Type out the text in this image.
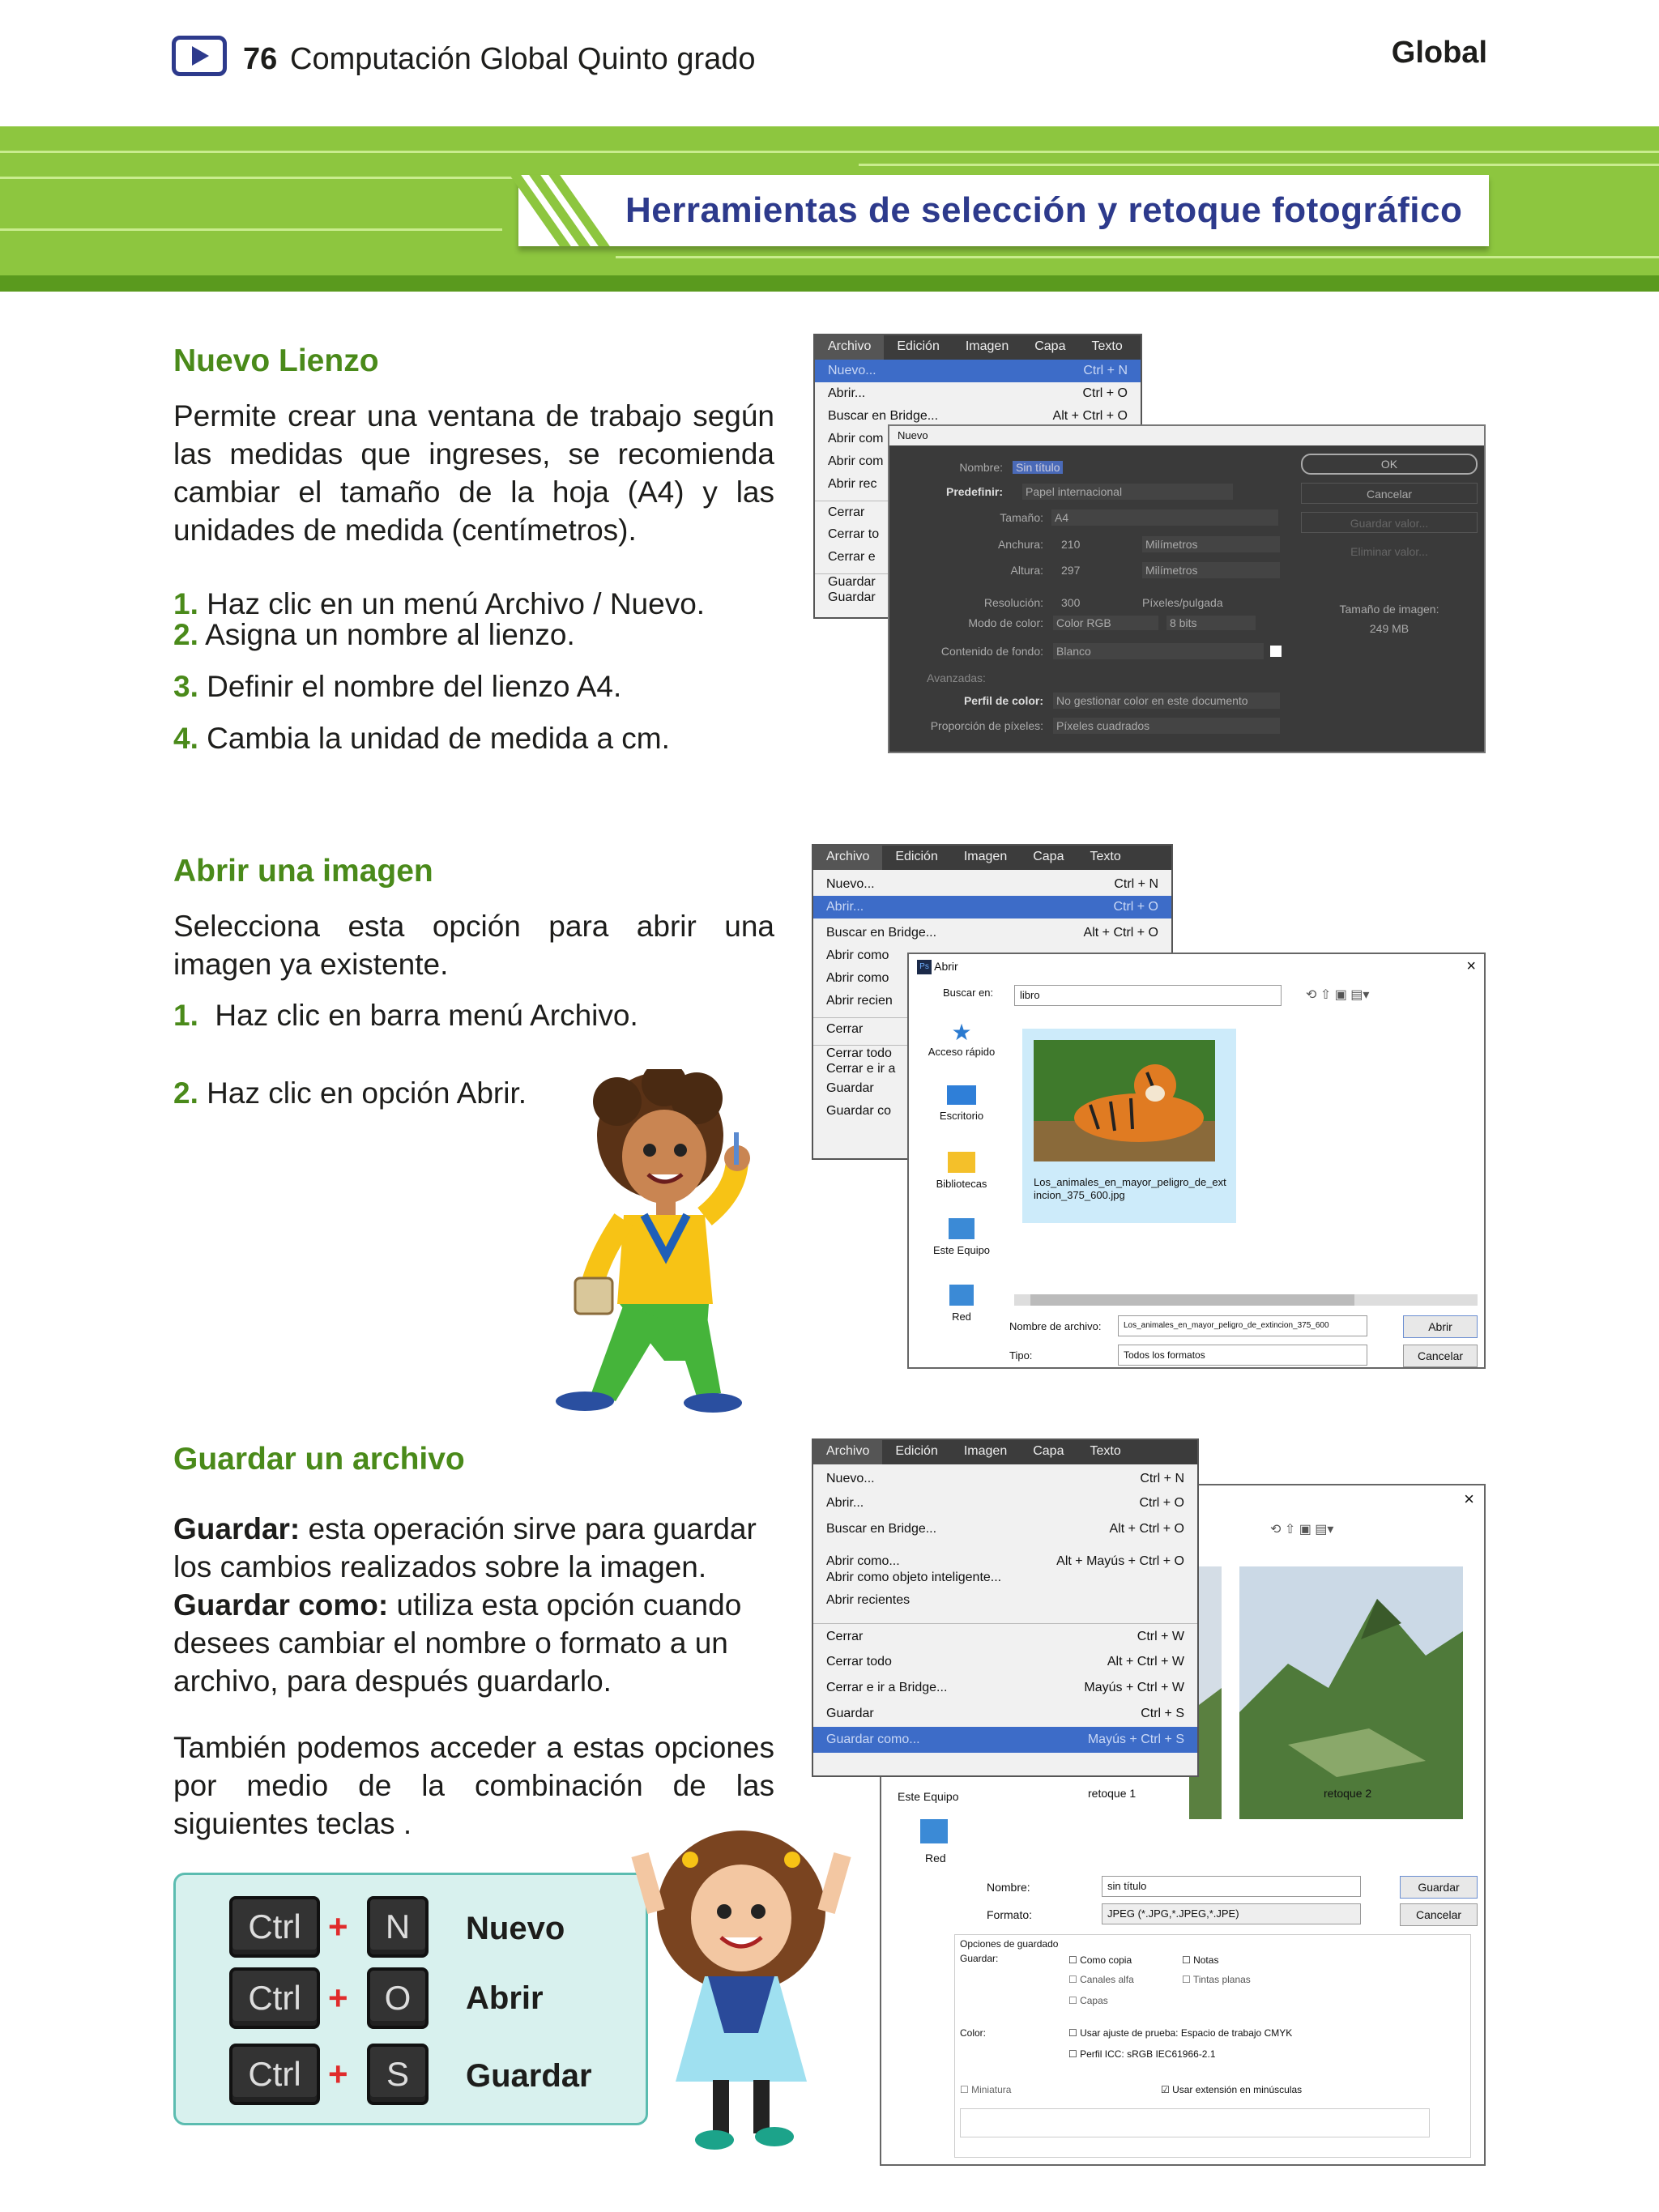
76 Computación Global Quinto grado	Global
Herramientas de selección y retoque fotográfico
Nuevo Lienzo
Permite crear una ventana de trabajo según las medidas que ingreses, se recomienda cambiar el tamaño de la hoja (A4) y las unidades de medida (centímetros).
1. Haz clic en un menú Archivo / Nuevo.
2. Asigna un nombre al lienzo.
3. Definir el nombre del lienzo A4.
4. Cambia la unidad de medida a cm.
Archivo	Edición	Imagen	Capa	Texto
Nuevo...	Ctrl + N
Abrir...	Ctrl + O
Buscar en Bridge...	Alt + Ctrl + O
Abrir com
Abrir com
Abrir rec
Cerrar
Cerrar to
Cerrar e
Guardar
Guardar
Nuevo
Nombre: Sin título
Predefinir: Papel internacional
Tamaño: A4
Anchura: 210	Milímetros
Altura: 297	Milímetros
Resolución: 300	Píxeles/pulgada
Modo de color: Color RGB	8 bits
Contenido de fondo: Blanco
Avanzadas:
Perfil de color: No gestionar color en este documento
Proporción de píxeles: Píxeles cuadrados
OK
Cancelar
Guardar valor...
Eliminar valor...
Tamaño de imagen:
249 MB
Abrir una imagen
Selecciona esta opción para abrir una imagen ya existente.
1. Haz clic en barra menú Archivo.
2. Haz clic en opción Abrir.
Archivo	Edición	Imagen	Capa	Texto
Nuevo...	Ctrl + N
Abrir...	Ctrl + O
Buscar en Bridge...	Alt + Ctrl + O
Abrir como
Abrir como
Abrir recien
Cerrar
Cerrar todo
Cerrar e ir a
Guardar
Guardar co
Ps Abrir	×
Buscar en:	libro	⟲ ⇧ ▣ ▤▾
★
Acceso rápido
Escritorio
Bibliotecas
Este Equipo
Red
Los_animales_en_mayor_peligro_de_extincion_375_600.jpg
Nombre de archivo:	Los_animales_en_mayor_peligro_de_extincion_375_600	Abrir
Tipo:	Todos los formatos	Cancelar
Guardar un archivo
Guardar: esta operación sirve para guardar los cambios realizados sobre la imagen. Guardar como: utiliza esta opción cuando desees cambiar el nombre o formato a un archivo, para después guardarlo.
También podemos acceder a estas opciones por medio de la combinación de las siguientes teclas .
Ctrl +	N	Nuevo
Ctrl +	O	Abrir
Ctrl +	S	Guardar
×
⟲ ⇧ ▣ ▤▾
retoque 1	retoque 2
Este Equipo
Red
Nombre:	sin título	Guardar
Formato:	JPEG (*.JPG,*.JPEG,*.JPE)	Cancelar
Opciones de guardado
Guardar:	☐ Como copia	☐ Notas
☐ Canales alfa	☐ Tintas planas
☐ Capas
Color:	☐ Usar ajuste de prueba: Espacio de trabajo CMYK
☐ Perfil ICC: sRGB IEC61966-2.1
☐ Miniatura	☑ Usar extensión en minúsculas
Archivo	Edición	Imagen	Capa	Texto
Nuevo...	Ctrl + N
Abrir...	Ctrl + O
Buscar en Bridge...	Alt + Ctrl + O
Abrir como...	Alt + Mayús + Ctrl + O
Abrir como objeto inteligente...
Abrir recientes
Cerrar	Ctrl + W
Cerrar todo	Alt + Ctrl + W
Cerrar e ir a Bridge...	Mayús + Ctrl + W
Guardar	Ctrl + S
Guardar como...	Mayús + Ctrl + S
